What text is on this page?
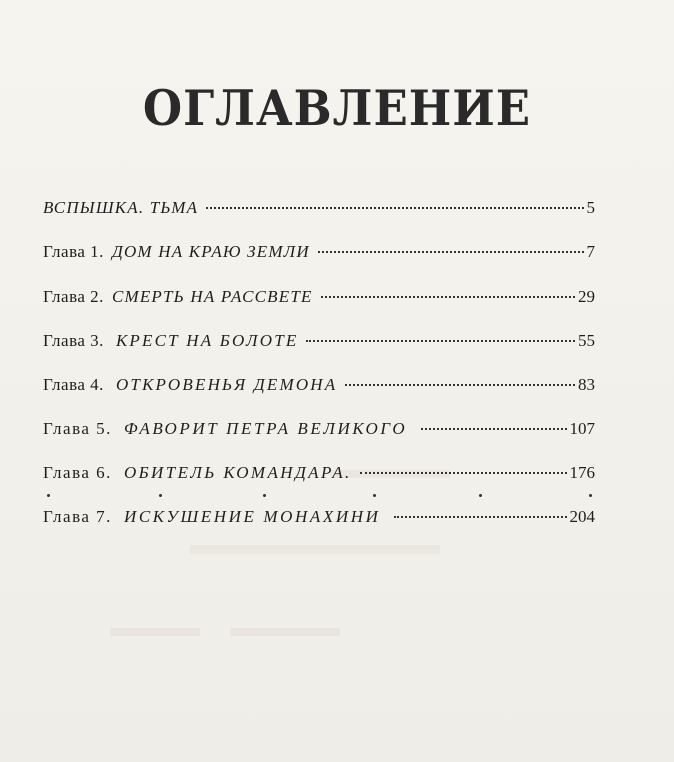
ОГЛАВЛЕНИЕ
ВСПЫШКА. ТЬМА	5
Глава 1. ДОМ НА КРАЮ ЗЕМЛИ	7
Глава 2. СМЕРТЬ НА РАССВЕТЕ	29
Глава 3. КРЕСТ НА БОЛОТЕ	55
Глава 4. ОТКРОВЕНЬЯ ДЕМОНА	83
Глава 5. ФАВОРИТ ПЕТРА ВЕЛИКОГО	107
Глава 6. ОБИТЕЛЬ КОМАНДАРА.	176
Глава 7. ИСКУШЕНИЕ МОНАХИНИ	204
